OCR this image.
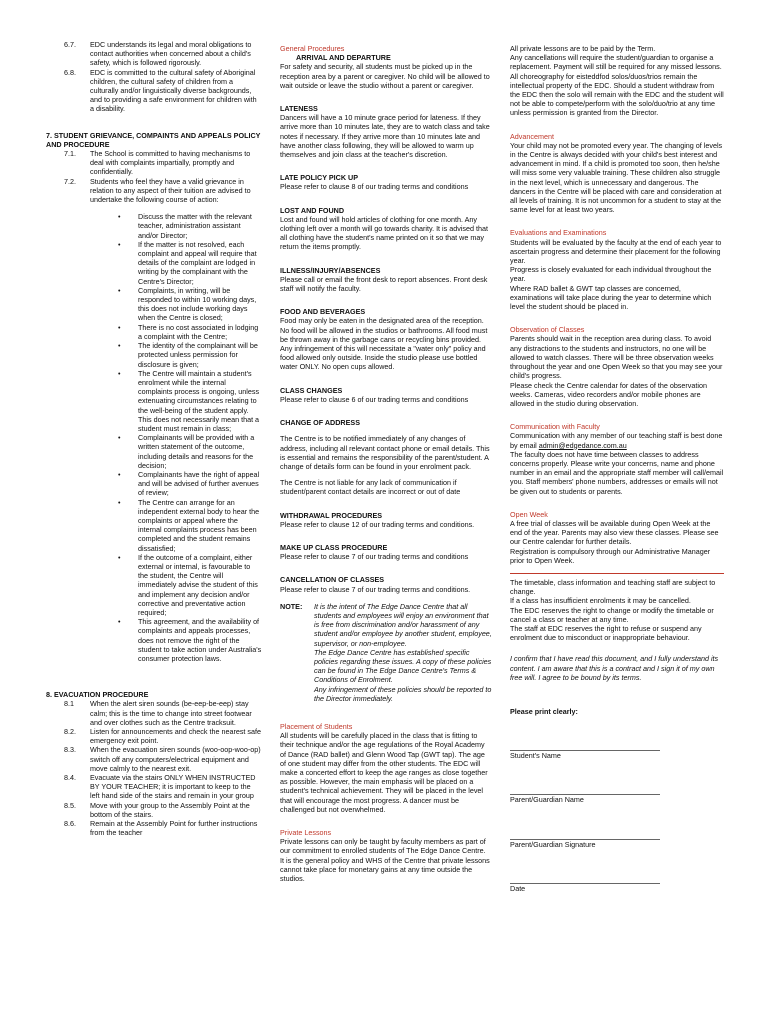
6.7.	EDC understands its legal and moral obligations to contact authorities when concerned about a child's safety, which is followed rigorously.
6.8.	EDC is committed to the cultural safety of Aboriginal children, the cultural safety of children from a culturally and/or linguistically diverse backgrounds, and to providing a safe environment for children with a disability.
7. STUDENT GRIEVANCE, COMPAINTS AND APPEALS POLICY AND PROCEDURE
7.1.	The School is committed to having mechanisms to deal with complaints impartially, promptly and confidentially.
7.2.	Students who feel they have a valid grievance in relation to any aspect of their tuition are advised to undertake the following course of action:
•	Discuss the matter with the relevant teacher, administration assistant and/or Director;
•	If the matter is not resolved, each complaint and appeal will require that details of the complaint are lodged in writing by the complainant with the Centre's Director;
•	Complaints, in writing, will be responded to within 10 working days, this does not include working days when the Centre is closed;
•	There is no cost associated in lodging a complaint with the Centre;
•	The identity of the complainant will be protected unless permission for disclosure is given;
•	The Centre will maintain a student's enrolment while the internal complaints process is ongoing, unless extenuating circumstances relating to the well-being of the student apply. This does not necessarily mean that a student must remain in class;
•	Complainants will be provided with a written statement of the outcome, including details and reasons for the decision;
•	Complainants have the right of appeal and will be advised of further avenues of review;
•	The Centre can arrange for an independent external body to hear the complaints or appeal where the internal complaints process has been completed and the student remains dissatisfied;
•	If the outcome of a complaint, either external or internal, is favourable to the student, the Centre will immediately advise the student of this and implement any decision and/or corrective and preventative action required;
•	This agreement, and the availability of complaints and appeals processes, does not remove the right of the student to take action under Australia's consumer protection laws.
8. EVACUATION PROCEDURE
8.1	When the alert siren sounds (be-eep-be-eep) stay calm; this is the time to change into street footwear and over clothes such as the Centre tracksuit.
8.2.	Listen for announcements and check the nearest safe emergency exit point.
8.3.	When the evacuation siren sounds (woo-oop-woo-op) switch off any computers/electrical equipment and move calmly to the nearest exit.
8.4.	Evacuate via the stairs ONLY WHEN INSTRUCTED BY YOUR TEACHER; it is important to keep to the left hand side of the stairs and remain in your group
8.5.	Move with your group to the Assembly Point at the bottom of the stairs.
8.6.	Remain at the Assembly Point for further instructions from the teacher
General Procedures
ARRIVAL AND DEPARTURE

For safety and security, all students must be picked up in the reception area by a parent or caregiver. No child will be allowed to wait outside or leave the studio without a parent or caregiver.

LATENESS

Dancers will have a 10 minute grace period for lateness. If they arrive more than 10 minutes late, they are to watch class and take notes if necessary. If they arrive more than 10 minutes late and have another class following, they will be allowed to warm up themselves and join class at the teacher's discretion.

LATE POLICY PICK UP

Please refer to clause 8 of our trading terms and conditions

LOST AND FOUND

Lost and found will hold articles of clothing for one month. Any clothing left over a month will go towards charity. It is advised that all clothing have the student's name printed on it so that we may return the items promptly.

ILLNESS/INJURY/ABSENCES

Please call or email the front desk to report absences. Front desk staff will notify the faculty.

FOOD AND BEVERAGES

Food may only be eaten in the designated area of the reception. No food will be allowed in the studios or bathrooms. All food must be thrown away in the garbage cans or recycling bins provided. Any infringement of this will necessitate a "water only" policy and food allowed only outside. Inside the studio please use bottled water ONLY. No open cups allowed.

CLASS CHANGES

Please refer to clause 6 of our trading terms and conditions

CHANGE OF ADDRESS

The Centre is to be notified immediately of any changes of address, including all relevant contact phone or email details. This is essential and remains the responsibility of the parent/student. A change of details form can be found in your enrolment pack.

The Centre is not liable for any lack of communication if student/parent contact details are incorrect or out of date

WITHDRAWAL PROCEDURES

Please refer to clause 12 of our trading terms and conditions.

MAKE UP CLASS PROCEDURE

Please refer to clause 7 of our trading terms and conditions

CANCELLATION OF CLASSES

Please refer to clause 7 of our trading terms and conditions.

NOTE:	It is the intent of The Edge Dance Centre that all students and employees will enjoy an environment that is free from discrimination and/or harassment of any student and/or employee by another student, employee, supervisor, or non-employee.

The Edge Dance Centre has established specific policies regarding these issues. A copy of these policies can be found in The Edge Dance Centre's Terms & Conditions of Enrolment.

Any infringement of these policies should be reported to the Director immediately.

Placement of Students

All students will be carefully placed in the class that is fitting to their technique and/or the age regulations of the Royal Academy of Dance (RAD ballet) and Glenn Wood Tap (GWT tap). The age of one student may differ from the other students. The EDC will make a concerted effort to keep the age ranges as close together as possible. However, the main emphasis will be placed on a student's technical achievement. They will be placed in the level that will encourage the most progress. A dancer must be challenged but not overwhelmed.

Private Lessons

Private lessons can only be taught by faculty members as part of our commitment to enrolled students of The Edge Dance Centre.

It is the general policy and WHS of the Centre that private lessons cannot take place for monetary gains at any time outside the studios.

All private lessons are to be paid by the Term.

Any cancellations will require the student/guardian to organise a replacement. Payment will still be required for any missed lessons.

All choreography for eisteddfod solos/duos/trios remain the intellectual property of the EDC. Should a student withdraw from the EDC then the solo will remain with the EDC and the student will not be able to compete/perform with the solo/duo/trio at any time unless permission is granted from the Director.

Advancement

Your child may not be promoted every year. The changing of levels in the Centre is always decided with your child's best interest and advancement in mind. If a child is promoted too soon, then he/she will miss some very valuable training. These children also struggle in the next level, which is unnecessary and dangerous. The dancers in the Centre will be placed with care and consideration at all levels of training. It is not uncommon for a student to stay at the same level for at least two years.

Evaluations and Examinations

Students will be evaluated by the faculty at the end of each year to ascertain progress and determine their placement for the following year.

Progress is closely evaluated for each individual throughout the year.

Where RAD ballet & GWT tap classes are concerned, examinations will take place during the year to determine which level the student should be placed in.

Observation of Classes

Parents should wait in the reception area during class. To avoid any distractions to the students and instructors, no one will be allowed to watch classes. There will be three observation weeks throughout the year and one Open Week so that you may see your child's progress.

Please check the Centre calendar for dates of the observation weeks. Cameras, video recorders and/or mobile phones are allowed in the studio during observation.

Communication with Faculty

Communication with any member of our teaching staff is best done by email admin@edgedance.com.au

The faculty does not have time between classes to address concerns properly. Please write your concerns, name and phone number in an email and the appropriate staff member will call/email you. Staff members' phone numbers, addresses or emails will not be given out to students or parents.

Open Week

A free trial of classes will be available during Open Week at the end of the year. Parents may also view these classes. Please see our Centre calendar for further details.

Registration is compulsory through our Administrative Manager prior to Open Week.

The timetable, class information and teaching staff are subject to change.

If a class has insufficient enrolments it may be cancelled.

The EDC reserves the right to change or modify the timetable or cancel a class or teacher at any time.

The staff at EDC reserves the right to refuse or suspend any enrolment due to misconduct or inappropriate behaviour.

I confirm that I have read this document, and I fully understand its content. I am aware that this is a contract and I sign it of my own free will. I agree to be bound by its terms.

Please print clearly:

Student's Name

Parent/Guardian Name

Parent/Guardian Signature

Date
